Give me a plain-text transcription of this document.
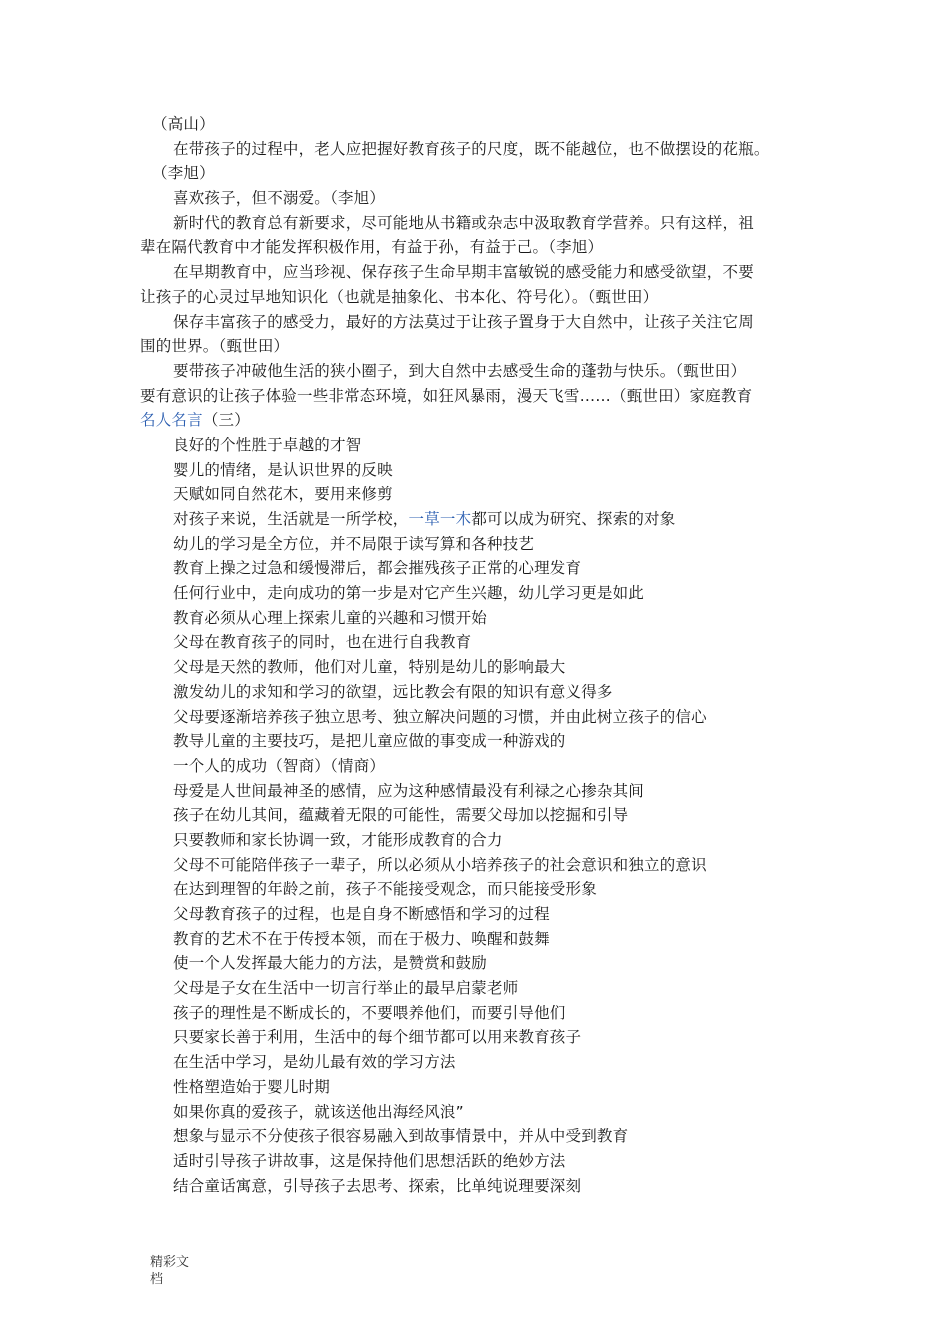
（高山）
在带孩子的过程中，老人应把握好教育孩子的尺度，既不能越位，也不做摆设的花瓶。
（李旭）
喜欢孩子，但不溺爱。（李旭）
新时代的教育总有新要求，尽可能地从书籍或杂志中汲取教育学营养。只有这样，祖
辈在隔代教育中才能发挥积极作用，有益于孙，有益于己。（李旭）
在早期教育中，应当珍视、保存孩子生命早期丰富敏锐的感受能力和感受欲望，不要
让孩子的心灵过早地知识化（也就是抽象化、书本化、符号化）。（甄世田）
保存丰富孩子的感受力，最好的方法莫过于让孩子置身于大自然中，让孩子关注它周
围的世界。（甄世田）
要带孩子冲破他生活的狭小圈子，到大自然中去感受生命的蓬勃与快乐。（甄世田）
要有意识的让孩子体验一些非常态环境，如狂风暴雨，漫天飞雪……（甄世田）家庭教育
名人名言（三）
良好的个性胜于卓越的才智
婴儿的情绪，是认识世界的反映
天赋如同自然花木，要用来修剪
对孩子来说，生活就是一所学校，一草一木都可以成为研究、探索的对象
幼儿的学习是全方位，并不局限于读写算和各种技艺
教育上操之过急和缓慢滞后，都会摧残孩子正常的心理发育
任何行业中，走向成功的第一步是对它产生兴趣，幼儿学习更是如此
教育必须从心理上探索儿童的兴趣和习惯开始
父母在教育孩子的同时，也在进行自我教育
父母是天然的教师，他们对儿童，特别是幼儿的影响最大
激发幼儿的求知和学习的欲望，远比教会有限的知识有意义得多
父母要逐渐培养孩子独立思考、独立解决问题的习惯，并由此树立孩子的信心
教导儿童的主要技巧，是把儿童应做的事变成一种游戏的
一个人的成功（智商）（情商）
母爱是人世间最神圣的感情，应为这种感情最没有利禄之心掺杂其间
孩子在幼儿其间，蕴藏着无限的可能性，需要父母加以挖掘和引导
只要教师和家长协调一致，才能形成教育的合力
父母不可能陪伴孩子一辈子，所以必须从小培养孩子的社会意识和独立的意识
在达到理智的年龄之前，孩子不能接受观念，而只能接受形象
父母教育孩子的过程，也是自身不断感悟和学习的过程
教育的艺术不在于传授本领，而在于极力、唤醒和鼓舞
使一个人发挥最大能力的方法，是赞赏和鼓励
父母是子女在生活中一切言行举止的最早启蒙老师
孩子的理性是不断成长的，不要喂养他们，而要引导他们
只要家长善于利用，生活中的每个细节都可以用来教育孩子
在生活中学习，是幼儿最有效的学习方法
性格塑造始于婴儿时期
如果你真的爱孩子，就该送他出海经风浪”
想象与显示不分使孩子很容易融入到故事情景中，并从中受到教育
适时引导孩子讲故事，这是保持他们思想活跃的绝妙方法
结合童话寓意，引导孩子去思考、探索，比单纯说理要深刻
精彩文
档
